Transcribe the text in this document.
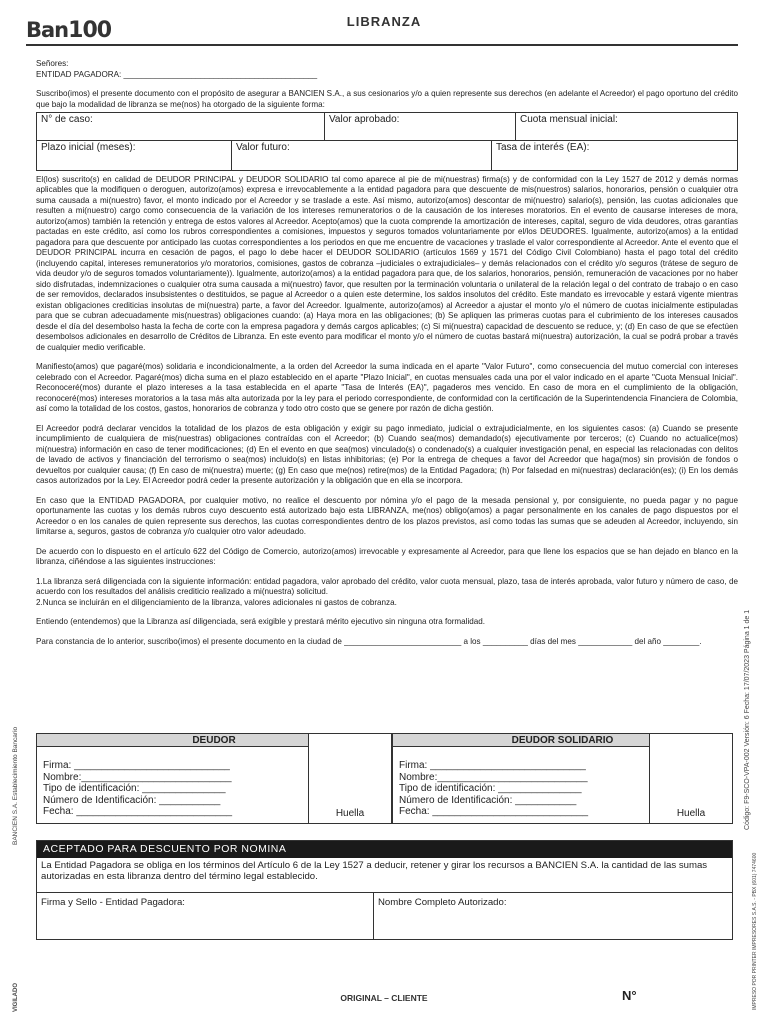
Ban100	LIBRANZA

Señores:

ENTIDAD PAGADORA: ___________________________________________

Suscribo(imos) el presente documento con el propósito de asegurar a BANCIEN S.A., a sus cesionarios y/o a quien represente sus derechos (en adelante el Acreedor) el pago oportuno del crédito que bajo la modalidad de libranza se me(nos) ha otorgado de la siguiente forma:

N° de caso:	Valor aprobado:	Cuota mensual inicial:
Plazo inicial (meses):	Valor futuro:	Tasa de interés (EA):

El(los) suscrito(s) en calidad de DEUDOR PRINCIPAL y DEUDOR SOLIDARIO tal como aparece al pie de mi(nuestras) firma(s) y de conformidad con la Ley 1527 de 2012 y demás normas aplicables que la modifiquen o deroguen, autorizo(amos) expresa e irrevocablemente a la entidad pagadora para que descuente de mis(nuestros) salarios, honorarios, pensión o cualquier otra suma causada a mi(nuestro) favor, el monto indicado por el Acreedor y se traslade a este. Así mismo, autorizo(amos) descontar de mi(nuestro) salario(s), pensión, las cuotas adicionales que resulten a mi(nuestro) cargo como consecuencia de la variación de los intereses remuneratorios o de la causación de los intereses moratorios. En el evento de causarse intereses de mora, autorizo(amos) también la retención y entrega de estos valores al Acreedor. Acepto(amos) que la cuota comprende la amortización de intereses, capital, seguro de vida deudores, otras garantías pactadas en este crédito, así como los rubros correspondientes a comisiones, impuestos y seguros tomados voluntariamente por el/los DEUDORES. Igualmente, autorizo(amos) a la entidad pagadora para que descuente por anticipado las cuotas correspondientes a los periodos en que me encuentre de vacaciones y traslade el valor correspondiente al Acreedor. Ante el evento que el DEUDOR PRINCIPAL incurra en cesación de pagos, el pago lo debe hacer el DEUDOR SOLIDARIO (artículos 1569 y 1571 del Código Civil Colombiano) hasta el pago total del crédito (incluyendo capital, intereses remuneratorios y/o moratorios, comisiones, gastos de cobranza –judiciales o extrajudiciales– y demás relacionados con el crédito y/o seguros (trátese de seguro de vida deudor y/o de seguros tomados voluntariamente)). Igualmente, autorizo(amos) a la entidad pagadora para que, de los salarios, honorarios, pensión, remuneración de vacaciones por no haber sido disfrutadas, indemnizaciones o cualquier otra suma causada a mi(nuestro) favor, que resulten por la terminación voluntaria o unilateral de la relación legal o del contrato de trabajo o en caso de ser removidos, declarados insubsistentes o destituidos, se pague al Acreedor o a quien este determine, los saldos insolutos del crédito. Este mandato es irrevocable y estará vigente mientras existan obligaciones crediticias insolutas de mi(nuestra) parte, a favor del Acreedor. Igualmente, autorizo(amos) al Acreedor a ajustar el monto y/o el número de cuotas inicialmente estipuladas para que se cubran adecuadamente mis(nuestras) obligaciones cuando: (a) Haya mora en las obligaciones; (b) Se apliquen las primeras cuotas para el cubrimiento de los intereses causados desde el día del desembolso hasta la fecha de corte con la empresa pagadora y demás cargos aplicables; (c) Si mi(nuestra) capacidad de descuento se reduce, y; (d) En caso de que se efectúen desembolsos adicionales en desarrollo de Créditos de Libranza. En este evento para modificar el monto y/o el número de cuotas bastará mi(nuestra) autorización, la cual se podrá probar a través de cualquier medio verificable.

Manifiesto(amos) que pagaré(mos) solidaria e incondicionalmente, a la orden del Acreedor la suma indicada en el aparte "Valor Futuro", como consecuencia del mutuo comercial con intereses celebrado con el Acreedor. Pagaré(mos) dicha suma en el plazo establecido en el aparte "Plazo Inicial", en cuotas mensuales cada una por el valor indicado en el aparte "Cuota Mensual Inicial". Reconoceré(mos) durante el plazo intereses a la tasa establecida en el aparte "Tasa de Interés (EA)", pagaderos mes vencido. En caso de mora en el cumplimiento de la obligación, reconoceré(mos) intereses moratorios a la tasa más alta autorizada por la ley para el periodo correspondiente, de conformidad con la certificación de la Superintendencia Financiera de Colombia, así como la totalidad de los costos, gastos, honorarios de cobranza y todo otro costo que se genere por razón de dicha gestión.

El Acreedor podrá declarar vencidos la totalidad de los plazos de esta obligación y exigir su pago inmediato, judicial o extrajudicialmente, en los siguientes casos: (a) Cuando se presente incumplimiento de cualquiera de mis(nuestras) obligaciones contraídas con el Acreedor; (b) Cuando sea(mos) demandado(s) ejecutivamente por terceros; (c) Cuando no actualice(mos) mi(nuestra) información en caso de tener modificaciones; (d) En el evento en que sea(mos) vinculado(s) o condenado(s) a cualquier investigación penal, en especial las relacionadas con delitos de lavado de activos y financiación del terrorismo o sea(mos) incluido(s) en listas inhibitorias; (e) Por la entrega de cheques a favor del Acreedor que haga(mos) sin provisión de fondos o devueltos por cualquier causa; (f) En caso de mi(nuestra) muerte; (g) En caso que me(nos) retire(mos) de la Entidad Pagadora; (h) Por falsedad en mi(nuestras) declaración(es); (i) En los demás casos autorizados por la Ley. El Acreedor podrá ceder la presente autorización y la obligación que en ella se incorpora.

En caso que la ENTIDAD PAGADORA, por cualquier motivo, no realice el descuento por nómina y/o el pago de la mesada pensional y, por consiguiente, no pueda pagar y no pague oportunamente las cuotas y los demás rubros cuyo descuento está autorizado bajo esta LIBRANZA, me(nos) obligo(amos) a pagar personalmente en los canales de pago dispuestos por el Acreedor o en los canales de quien represente sus derechos, las cuotas correspondientes dentro de los plazos previstos, así como todas las sumas que se adeuden al Acreedor, incluyendo, sin limitarse a, seguros, gastos de cobranza y/o cualquier otro valor adeudado.

De acuerdo con lo dispuesto en el artículo 622 del Código de Comercio, autorizo(amos) irrevocable y expresamente al Acreedor, para que llene los espacios que se han dejado en blanco en la libranza, ciñéndose a las siguientes instrucciones:

1.La libranza será diligenciada con la siguiente información: entidad pagadora, valor aprobado del crédito, valor cuota mensual, plazo, tasa de interés aprobada, valor futuro y número de caso, de acuerdo con los resultados del análisis crediticio realizado a mi(nuestra) solicitud.

2.Nunca se incluirán en el diligenciamiento de la libranza, valores adicionales ni gastos de cobranza.

Entiendo (entendemos) que la Libranza así diligenciada, será exigible y prestará mérito ejecutivo sin ninguna otra formalidad.

Para constancia de lo anterior, suscribo(imos) el presente documento en la ciudad de __________________________ a los __________ días del mes ____________ del año ________.

DEUDOR
Firma: ____________________________
Nombre:___________________________
Tipo de identificación: _______________
Número de Identificación: ___________
Fecha: ____________________________	Huella
DEUDOR SOLIDARIO
Firma: ____________________________
Nombre:___________________________
Tipo de identificación: _______________
Número de Identificación: ___________
Fecha: ____________________________	Huella
ACEPTADO PARA DESCUENTO POR NOMINA
La Entidad Pagadora se obliga en los términos del Artículo 6 de la Ley 1527 a deducir, retener y girar los recursos a BANCIEN S.A. la cantidad de las sumas autorizadas en esta libranza dentro del término legal establecido.
Firma y Sello - Entidad Pagadora:	Nombre Completo Autorizado:
ORIGINAL – CLIENTE	N°
BANCIEN S.A. Establecimiento Bancario
VIGILADO
Código: F9-SCO-VPA-002 Versión: 6 Fecha: 17/07/2023 Página 1 de 1
IMPRESO POR PRINTER IMPRESORES S.A.S. - PBX (601) 7474600
